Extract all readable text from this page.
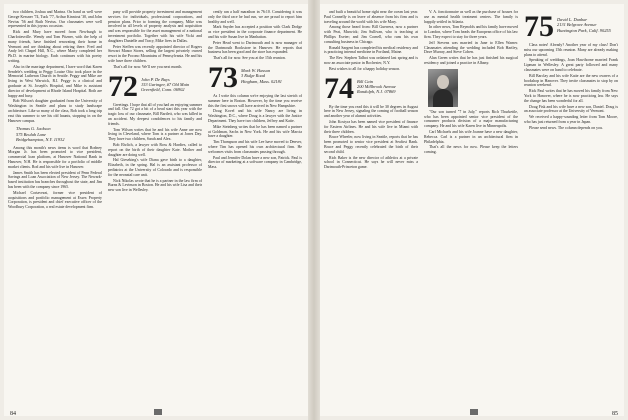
two children, Joshua and Marina. On hand as well were George Kessner '74, Tuck '77, Arthur Kinnicut '30, and John Nevius '56 and Ruth Nevius. Our classmates were well represented in this joyous occasion.

Rick and Mary have moved from Newburgh to Charlottesville. Wendy and Tom Pitzner, with the help of many friends, have finished renovating their home in Vermont and are thinking about retiring there. Fred and Andy left Chapel Hill, N.C., where Marty completed her Ph.D. in marine biology. Each continues with his poetry writing.

Also in the marriage department, I have word that Karen Sendele's wedding to Peggy Louise Otto took place in the Memorial Lutheran Church in Seattle. Peggy and Mike are living in West Warwick, R.I. Peggy is a clinical and graduate at St. Joseph's Hospital, and Mike is assistant director of development at Rhode Island Hospital. Both are happy and busy.

Bob Wilson's daughter graduated from the University of Washington in Seattle and plans to study landscape architecture. Like so many of the class, Bob took a long trip east this summer to see his old haunts, stopping in on the Hanover campus.

Thomas G. Jackson
575 Beulah Lane
Bridgehampton, N.Y. 11932

Among this month's news items is word that Rodney Morgan Jr. has been promoted to vice president, commercial loan platform, at Hanover National Bank in Hanover, N.H. He is responsible for a portfolio of middle market clients. Rod and his wife live in Hanover.

James Smith has been elected president of Penn Federal Savings and Loan Association of New Jersey. The Newark-based institution has branches throughout the state, and Jim has been with the company since 1965.

Michael Cortavezzi, former vice president of acquisitions and portfolio management at Essex Property Corporation, is president and chief executive officer of the Woodbury Corporation, a real estate development firm.

pany will provide property investment and management services for individuals, professional corporations, and pension plans. Prior to forming the company, Mike was involved in all levels of property analysis and acquisition and was responsible for the asset management of a national investment portfolio. Together with his wife Vicki and daughters Danielle and Tracy, Mike lives in Dallas.

Peter Steffen was recently appointed director of Rogers Stewart Manor Stores, selling the largest privately owned resort in the Pocono Mountains of Pennsylvania. He and his wife have three children.

That's all for now. We'll see you next month.

72 John P. De Buys
153 Garinger, #7 Old Main
Greenfield, Conn. 06902

Greetings. I hope that all of you had an enjoying summer and fall. Our 72 got a bit of a head start this year with the tragic loss of our classmate, Bill Bartlett, who was killed in an accident. My deepest condolences to his family and friends.

Tom Wilson writes that he and his wife Anne are now living in Cleveland, where Tom is a partner at Jones Day. They have two children, Sarah and Alex.

Bob Ehrlich, a lawyer with Ross & Hardies, called to report on the birth of their daughter Kate. Mother and daughter are doing well.

Hal Gieseking's wife Diana gave birth to a daughter, Elizabeth, in the spring. Hal is an assistant professor of pediatrics at the University of Colorado and is responsible for the neonatal care unit.

Nick Nikolas wrote that he is a partner in the law firm of Burns & Levinson in Boston. He and his wife Lisa and their new son live in Wellesley.

cently ran a half marathon in 76:10. Considering it was only the third race he had run, we are proud to report him healthy and well.

Mark Snyder has accepted a position with Clark Dodge as vice president in the corporate finance department. He and his wife Susan live in Manhattan.

Peter Head went to Dartmouth and is now manager of the Dartmouth Bookstore in Hanover. He reports that business has been good and the store has expanded.

That's all for now. See you at the 15th reunion.

73 Mark W. Hasson
3 Ridge Road
Hingham, Mass. 02181

As I write this column we're enjoying the last stretch of summer here in Boston. However, by the time you receive this the first snows will have arrived in New Hampshire.

Doug Kovel and his wife Nancy are living in Washington, D.C., where Doug is a lawyer with the Justice Department. They have two children, Jeffrey and Katie.

Mike Steinberg writes that he has been named a partner at Goldman, Sachs in New York. He and his wife Marcia have a daughter.

Tim Thompson and his wife Lee have moved to Denver, where Tim has opened his own architectural firm. He welcomes visits from classmates passing through.

Paul and Jennifer Dolan have a new son, Patrick. Paul is director of marketing at a software company in Cambridge, Mass.

84

and built a beautiful home right near the ocean last year. Paul Connelly is on leave of absence from his firm and is traveling around the world with his wife Mary.

Among those heard from: Bill Guerrera, now a partner with Peat, Marwick; Jim Sullivan, who is teaching at Phillips Exeter; and Jim Cornell, who runs his own consulting business in Chicago.

Ronald Sargent has completed his medical residency and is practicing internal medicine in Portland, Maine.

The Rev. Stephen Talbot was ordained last spring and is now an associate pastor in Rochester, N.Y.

Best wishes to all for a happy holiday season.

74 Bill Cain
200 Millbrook Avenue
Randolph, N.J. 07869

By the time you read this it will be 30 degrees in August here in New Jersey, signaling the coming of football season and another year of alumni activities.

John Kostyra has been named vice president of finance for Eastern Airlines. He and his wife live in Miami with their three children.

Bruce Wheeler, now living in Seattle, reports that he has been promoted to senior vice president at Seafirst Bank. Bruce and Peggy recently celebrated the birth of their second child.

Rich Baker is the new director of athletics at a private school in Connecticut. He says he will never miss a Dartmouth-Princeton game.

V. A. fonctionnaire as well as the purchase of houses for use as mental health treatment centers. The family is happily settled in Atlanta.

In other news, Tom Reynolds and his family have moved to London, where Tom heads the European office of his law firm. They expect to stay for three years.

Jeff Stevens was married in June to Ellen Warner. Classmates attending the wedding included Bob Hartley, Dave Murray, and Steve Cohen.

Alan Green writes that he has just finished his surgical residency and joined a practice in Albany.

"Our son turned "7 in July," reports Rich Thurkettle, who has been appointed senior vice president of the consumer products division of a major manufacturing company. He and his wife Karen live in Minneapolis.

Carl Michaels and his wife Joanne have a new daughter, Rebecca. Carl is a partner in an architectural firm in Philadelphia.

That's all the news for now. Please keep the letters coming.

75 David L. Dunbar
2131 Belgrave Avenue
Huntington Park, Calif. 90255

Class notes! Already? Another year of my class! Don't miss our upcoming 15th reunion. Many are already making plans to attend.

Speaking of weddings, Joan Hawthorne married Frank Lipman in Wellesley. A great party followed and many classmates were on hand to celebrate.

Bill Barclay and his wife Katie are the new owners of a bookshop in Hanover. They invite classmates to stop by on reunion weekend.

Rick Paul writes that he has moved his family from New York to Hanover, where he is now practicing law. He says the change has been wonderful for all.

Doug Fisk and his wife have a new son, Daniel. Doug is an associate professor at the University of Vermont.

We received a happy-sounding letter from Tom Moore, who has just returned from a year in Japan.

Please send news. The column depends on you.

85
